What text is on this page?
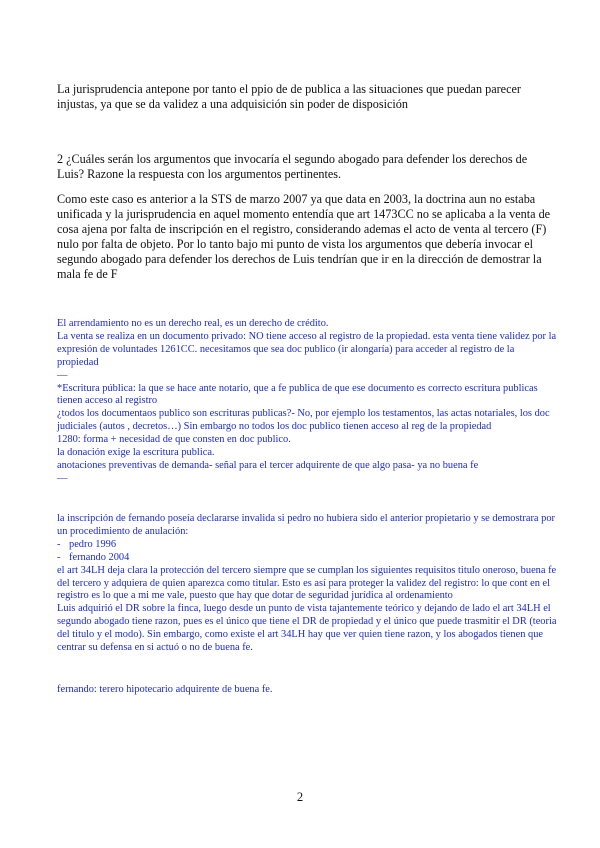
La jurisprudencia antepone por tanto el ppio de de publica a las situaciones que puedan parecer injustas, ya que se da validez a una adquisición sin poder de disposición

2 ¿Cuáles serán los argumentos que invocaría el segundo abogado para defender los derechos de Luis? Razone la respuesta con los argumentos pertinentes.

Como este caso es anterior a la STS de marzo 2007 ya que data en 2003, la doctrina aun no estaba unificada y la jurisprudencia en aquel momento entendía que art 1473CC no se aplicaba a la venta de cosa ajena por falta de inscripción en el registro, considerando ademas el acto de venta al tercero (F) nulo por falta de objeto. Por lo tanto bajo mi punto de vista los argumentos que debería invocar el segundo abogado para defender los derechos de Luis tendrían que ir en la dirección de demostrar la mala fe de F

El arrendamiento no es un derecho real, es un derecho de crédito.
La venta se realiza en un documento privado: NO tiene acceso al registro de la propiedad. esta venta tiene validez por la expresión de voluntades 1261CC. necesitamos que sea doc publico (ir alongaría) para acceder al registro de la propiedad
—
*Escritura pública: la que se hace ante notario, que a fe publica de que ese documento es correcto escritura publicas tienen acceso al registro
¿todos los documentaos publico son escrituras publicas?- No, por ejemplo los testamentos, las actas notariales, los doc judiciales (autos , decretos…) Sin embargo no todos los doc publico tienen acceso al reg de la propiedad
1280: forma + necesidad de que consten en doc publico.
la donación exige la escritura publica.
anotaciones preventivas de demanda- señal para el tercer adquirente de que algo pasa- ya no buena fe
—
la inscripción de fernando poseía declararse invalida si pedro no hubiera sido el anterior propietario y se demostrara por un procedimiento de anulación:
- pedro 1996
- fernando 2004
el art 34LH deja clara la protección del tercero siempre que se cumplan los siguientes requisitos titulo oneroso, buena fe del tercero y adquiera de quien aparezca como titular. Esto es así para proteger la validez del registro: lo que cont en el registro es lo que a mi me vale, puesto que hay que dotar de seguridad jurídica al ordenamiento
Luis adquirió el DR sobre la finca, luego desde un punto de vista tajantemente teórico y dejando de lado el art 34LH el segundo abogado tiene razon, pues es el único que tiene el DR de propiedad y el único que puede trasmitir el DR (teoria del titulo y el modo). Sin embargo, como existe el art 34LH hay que ver quien tiene razon, y los abogados tienen que centrar su defensa en si actuó o no de buena fe.
fernando: terero hipotecario adquirente de buena fe.
2
